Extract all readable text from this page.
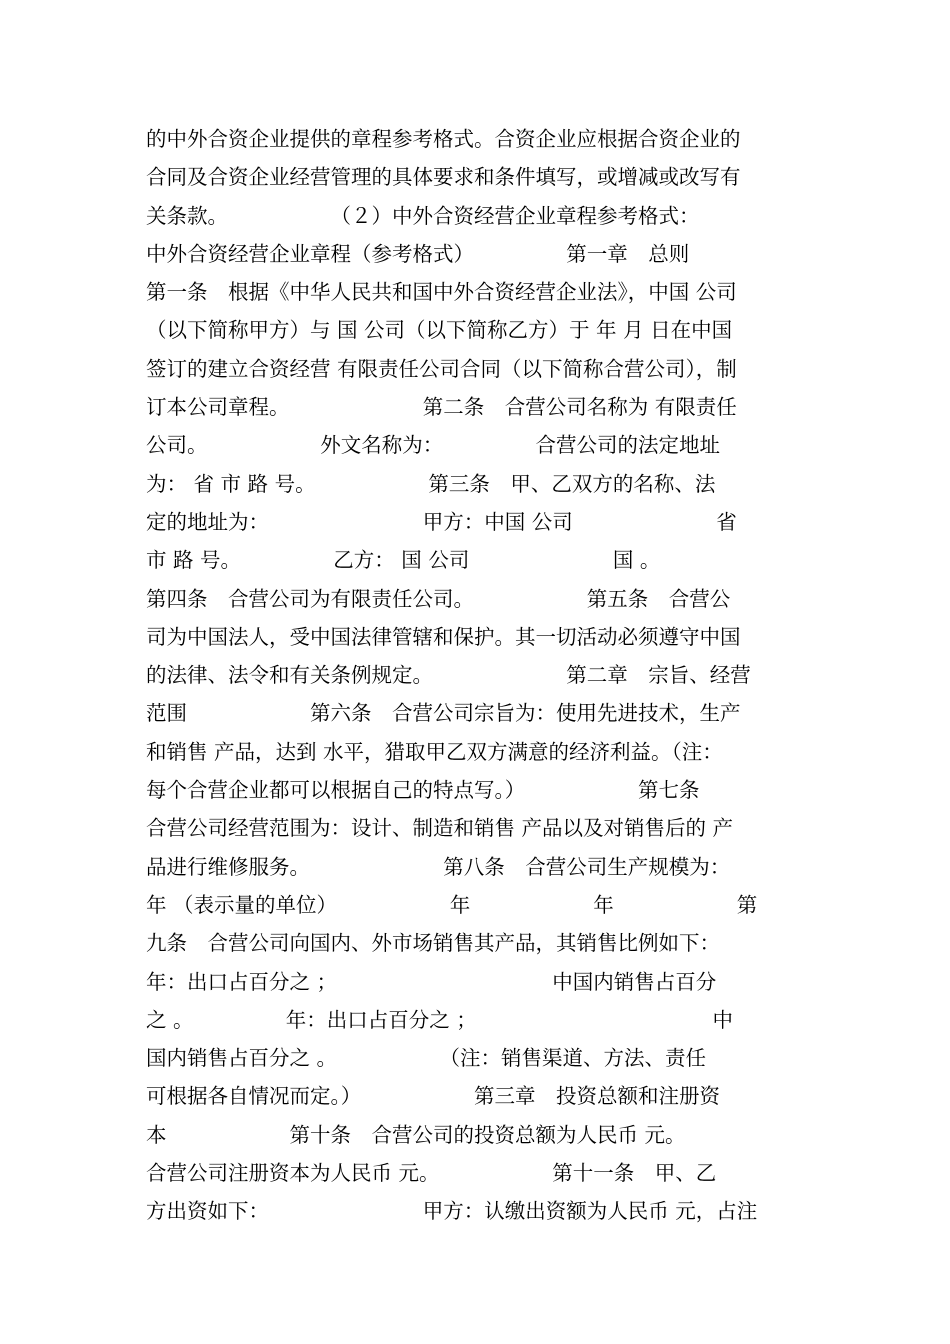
的中外合资企业提供的章程参考格式。合资企业应根据合资企业的
合同及合资企业经营管理的具体要求和条件填写，或增减或改写有
关条款。　　　　　　（２）中外合资经营企业章程参考格式：
中外合资经营企业章程（参考格式）　　　　　第一章　总则
第一条　根据《中华人民共和国中外合资经营企业法》，中国 公司
（以下简称甲方）与 国 公司（以下简称乙方）于 年 月 日在中国
签订的建立合资经营 有限责任公司合同（以下简称合营公司），制
订本公司章程。　　　　　　　第二条　合营公司名称为 有限责任
公司。　　　　　　外文名称为：　　　　　合营公司的法定地址
为： 省 市 路 号。　　　　　　第三条　甲、乙双方的名称、法
定的地址为：　　　　　　　　甲方：中国 公司　　　　　　　省
市 路 号。　　　　　乙方： 国 公司　　　　　　　国 。
第四条　合营公司为有限责任公司。　　　　　　第五条　合营公
司为中国法人，受中国法律管辖和保护。其一切活动必须遵守中国
的法律、法令和有关条例规定。　　　　　　　第二章　宗旨、经营
范围　　　　　　第六条　合营公司宗旨为：使用先进技术，生产
和销售 产品，达到 水平，猎取甲乙双方满意的经济利益。（注：
每个合营企业都可以根据自己的特点写。）　　　　　　第七条
合营公司经营范围为：设计、制造和销售 产品以及对销售后的 产
品进行维修服务。　　　　　　　第八条　合营公司生产规模为：
年 （表示量的单位）　　　　　　年　　　　　　年　　　　　　第
九条　合营公司向国内、外市场销售其产品，其销售比例如下：
年：出口占百分之 ；　　　　　　　　　　　中国内销售占百分
之 。　　　　　年：出口占百分之 ；　　　　　　　　　　　　中
国内销售占百分之 。　　　　　　（注：销售渠道、方法、责任
可根据各自情况而定。）　　　　　　第三章　投资总额和注册资
本　　　　　　第十条　合营公司的投资总额为人民币 元。
合营公司注册资本为人民币 元。　　　　　　第十一条　甲、乙
方出资如下：　　　　　　　　甲方：认缴出资额为人民币 元，占注
